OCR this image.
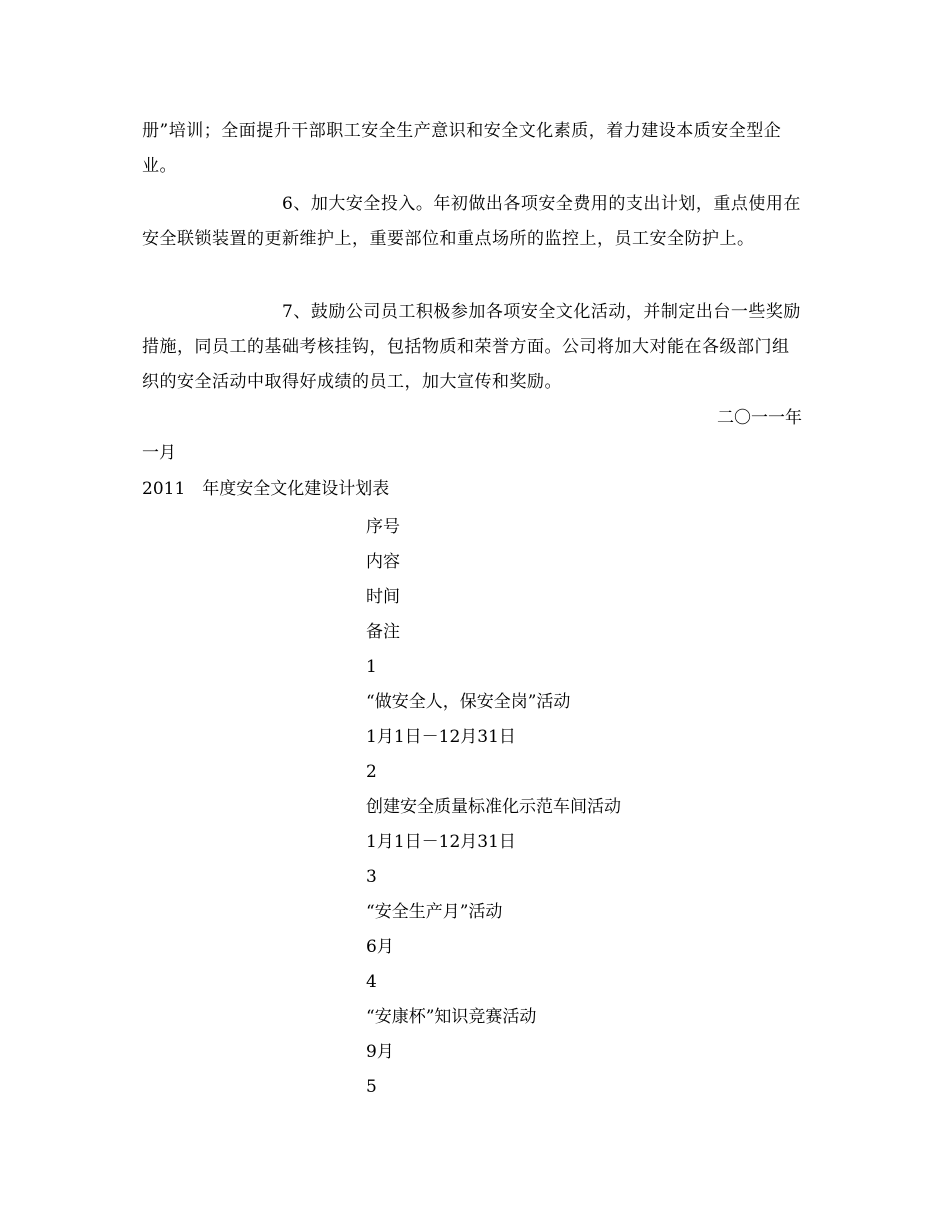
册”培训；全面提升干部职工安全生产意识和安全文化素质，着力建设本质安全型企业。

6、加大安全投入。年初做出各项安全费用的支出计划，重点使用在安全联锁装置的更新维护上，重要部位和重点场所的监控上，员工安全防护上。

7、鼓励公司员工积极参加各项安全文化活动，并制定出台一些奖励措施，同员工的基础考核挂钩，包括物质和荣誉方面。公司将加大对能在各级部门组织的安全活动中取得好成绩的员工，加大宣传和奖励。

二〇一一年

一月

2011　年度安全文化建设计划表

序号
内容
时间
备注
1
“做安全人，保安全岗”活动
1月1日－12月31日
2
创建安全质量标准化示范车间活动
1月1日－12月31日
3
“安全生产月”活动
6月
4
“安康杯”知识竞赛活动
9月
5
